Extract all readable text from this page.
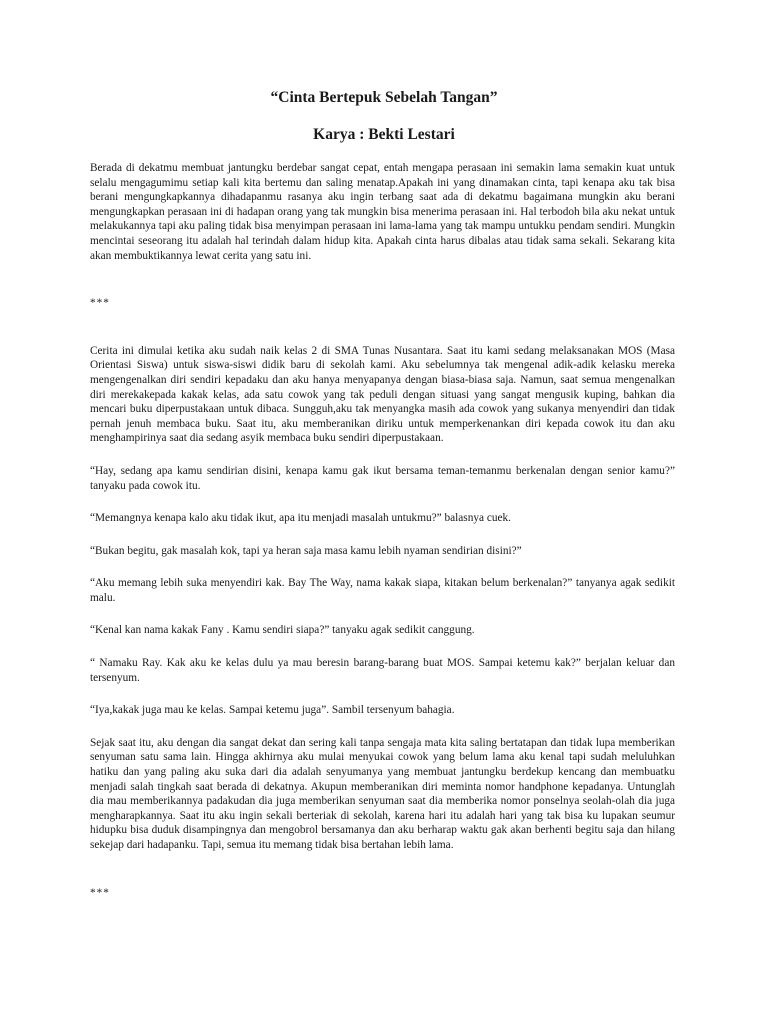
“Cinta Bertepuk Sebelah Tangan”
Karya : Bekti Lestari

Berada di dekatmu membuat jantungku berdebar sangat cepat, entah mengapa perasaan ini semakin lama semakin kuat untuk selalu mengagumimu setiap kali kita bertemu dan saling menatap.Apakah ini yang dinamakan cinta, tapi kenapa aku tak bisa berani mengungkapkannya dihadapanmu rasanya aku ingin terbang saat ada di dekatmu bagaimana mungkin aku berani mengungkapkan perasaan ini di hadapan orang yang tak mungkin bisa menerima perasaan ini. Hal terbodoh bila aku nekat untuk melakukannya tapi aku paling tidak bisa menyimpan perasaan ini lama-lama yang tak mampu untukku pendam sendiri. Mungkin mencintai seseorang itu adalah hal terindah dalam hidup kita. Apakah cinta harus dibalas atau tidak sama sekali. Sekarang kita akan membuktikannya lewat cerita yang satu ini.

***

Cerita ini dimulai ketika aku sudah naik kelas 2 di SMA Tunas Nusantara. Saat itu kami sedang melaksanakan MOS (Masa Orientasi Siswa) untuk siswa-siswi didik baru di sekolah kami. Aku sebelumnya tak mengenal adik-adik kelasku mereka mengengenalkan diri sendiri kepadaku dan aku hanya menyapanya dengan biasa-biasa saja. Namun, saat semua mengenalkan diri merekakepada kakak kelas, ada satu cowok yang tak peduli dengan situasi yang sangat mengusik kuping, bahkan dia mencari buku diperpustakaan untuk dibaca. Sungguh,aku tak menyangka masih ada cowok yang sukanya menyendiri dan tidak pernah jenuh membaca buku. Saat itu, aku memberanikan diriku untuk memperkenankan diri kepada cowok itu dan aku menghampirinya saat dia sedang asyik membaca buku sendiri diperpustakaan.

“Hay, sedang apa kamu sendirian disini, kenapa kamu gak ikut bersama teman-temanmu berkenalan dengan senior kamu?” tanyaku pada cowok itu.

“Memangnya kenapa kalo aku tidak ikut, apa itu menjadi masalah untukmu?” balasnya cuek.

“Bukan begitu, gak masalah kok, tapi ya heran saja masa kamu lebih nyaman sendirian disini?”

“Aku memang lebih suka menyendiri kak. Bay The Way, nama kakak siapa, kitakan belum berkenalan?” tanyanya agak sedikit malu.

“Kenal kan nama kakak Fany . Kamu sendiri siapa?” tanyaku agak sedikit canggung.

“ Namaku Ray. Kak aku ke kelas dulu ya mau beresin barang-barang buat MOS. Sampai ketemu kak?” berjalan keluar dan tersenyum.

“Iya,kakak juga mau ke kelas. Sampai ketemu juga”. Sambil tersenyum bahagia.

Sejak saat itu, aku dengan dia sangat dekat dan sering kali tanpa sengaja mata kita saling bertatapan dan tidak lupa memberikan senyuman satu sama lain. Hingga akhirnya aku mulai menyukai cowok yang belum lama aku kenal tapi sudah meluluhkan hatiku dan yang paling aku suka dari dia adalah senyumanya yang membuat jantungku berdekup kencang dan membuatku menjadi salah tingkah saat berada di dekatnya. Akupun memberanikan diri meminta nomor handphone kepadanya. Untunglah dia mau memberikannya padakudan dia juga memberikan senyuman saat dia memberika nomor ponselnya seolah-olah dia juga mengharapkannya. Saat itu aku ingin sekali berteriak di sekolah, karena hari itu adalah hari yang tak bisa ku lupakan seumur hidupku bisa duduk disampingnya dan mengobrol bersamanya dan aku berharap waktu gak akan berhenti begitu saja dan hilang sekejap dari hadapanku. Tapi, semua itu memang tidak bisa bertahan lebih lama.

***
